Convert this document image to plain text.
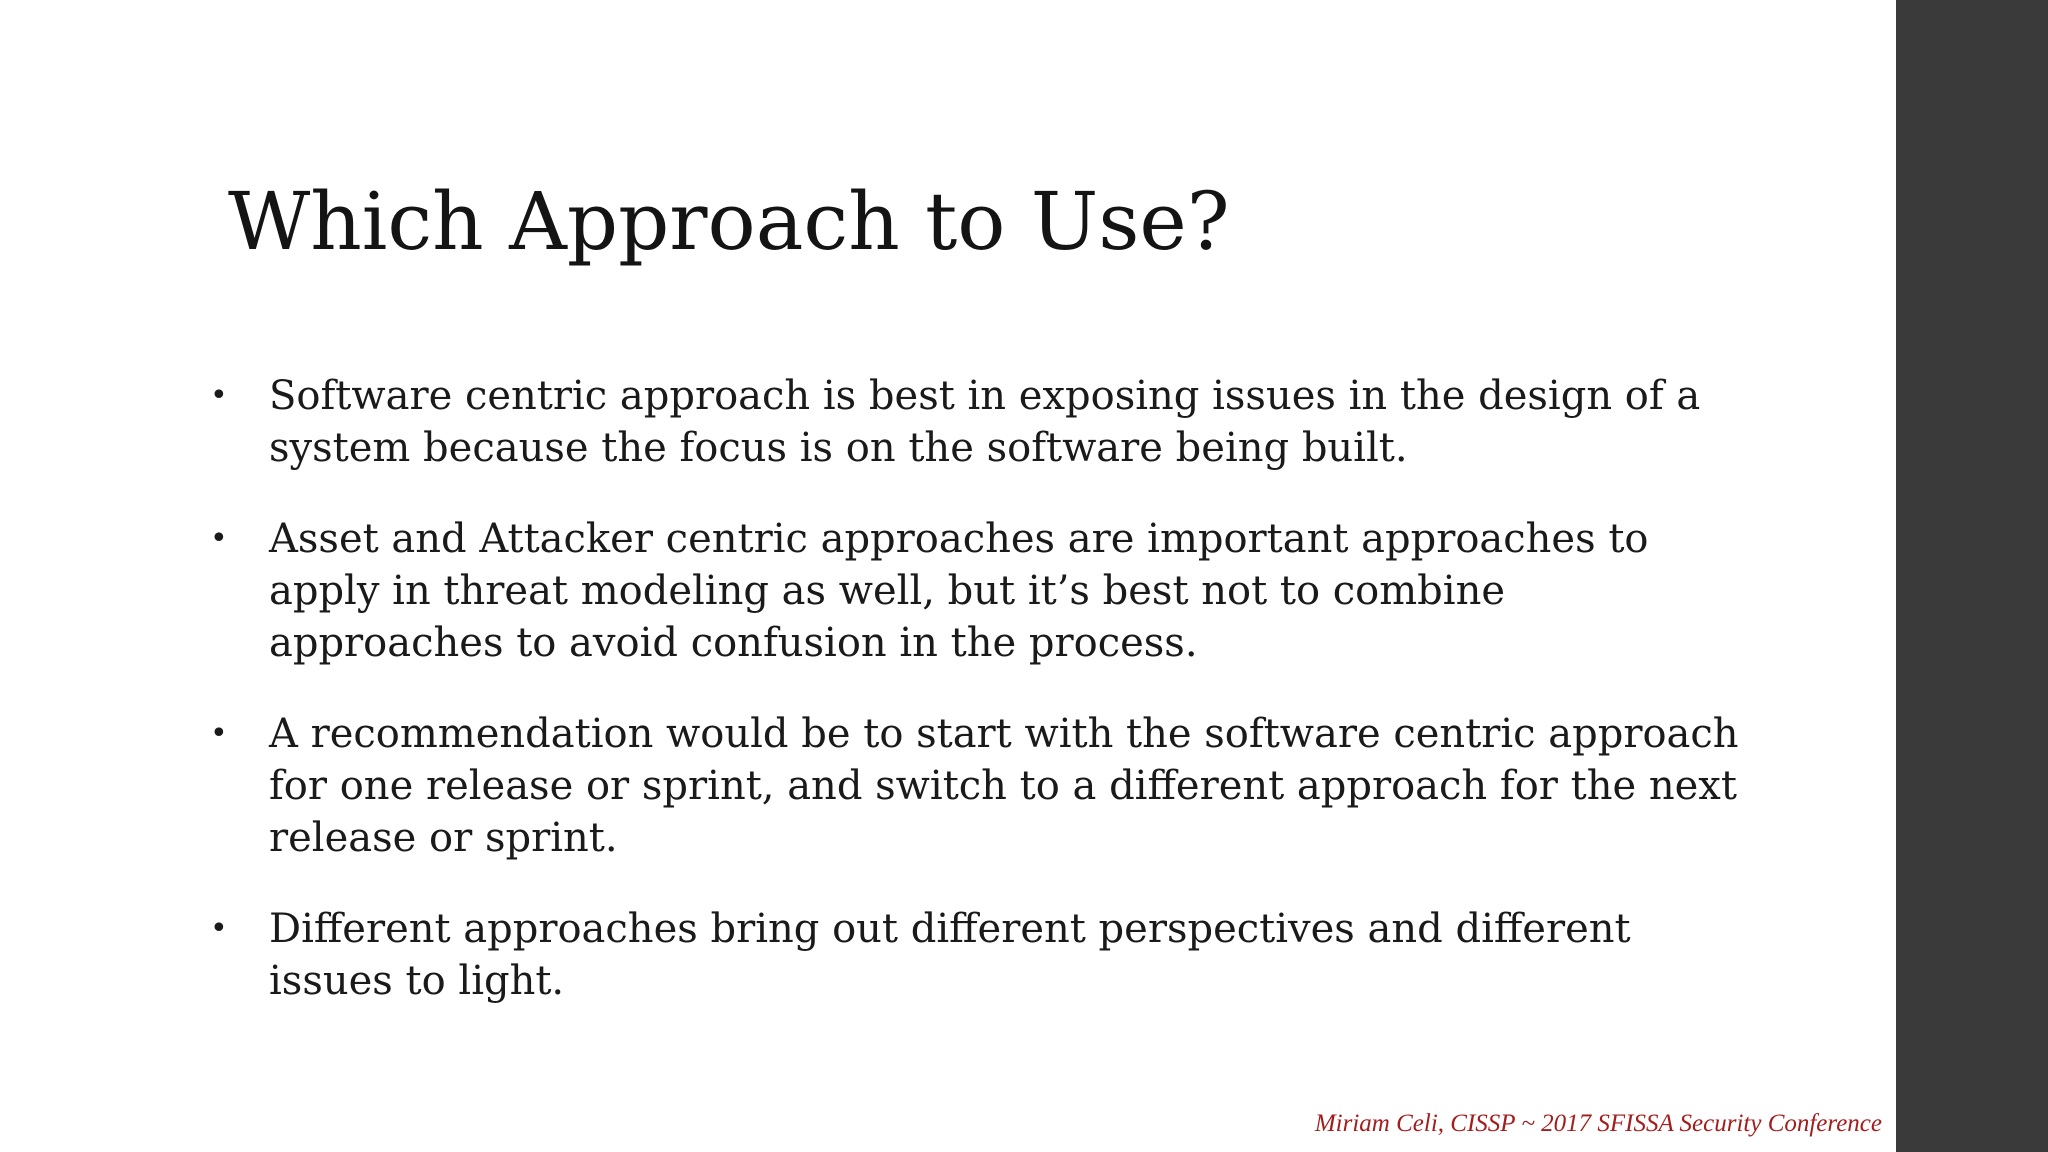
Which Approach to Use?
• Software centric approach is best in exposing issues in the design of a system because the focus is on the software being built.
• Asset and Attacker centric approaches are important approaches to apply in threat modeling as well, but it’s best not to combine approaches to avoid confusion in the process.
• A recommendation would be to start with the software centric approach for one release or sprint, and switch to a different approach for the next release or sprint.
• Different approaches bring out different perspectives and different issues to light.
Miriam Celi, CISSP ~ 2017 SFISSA Security Conference
